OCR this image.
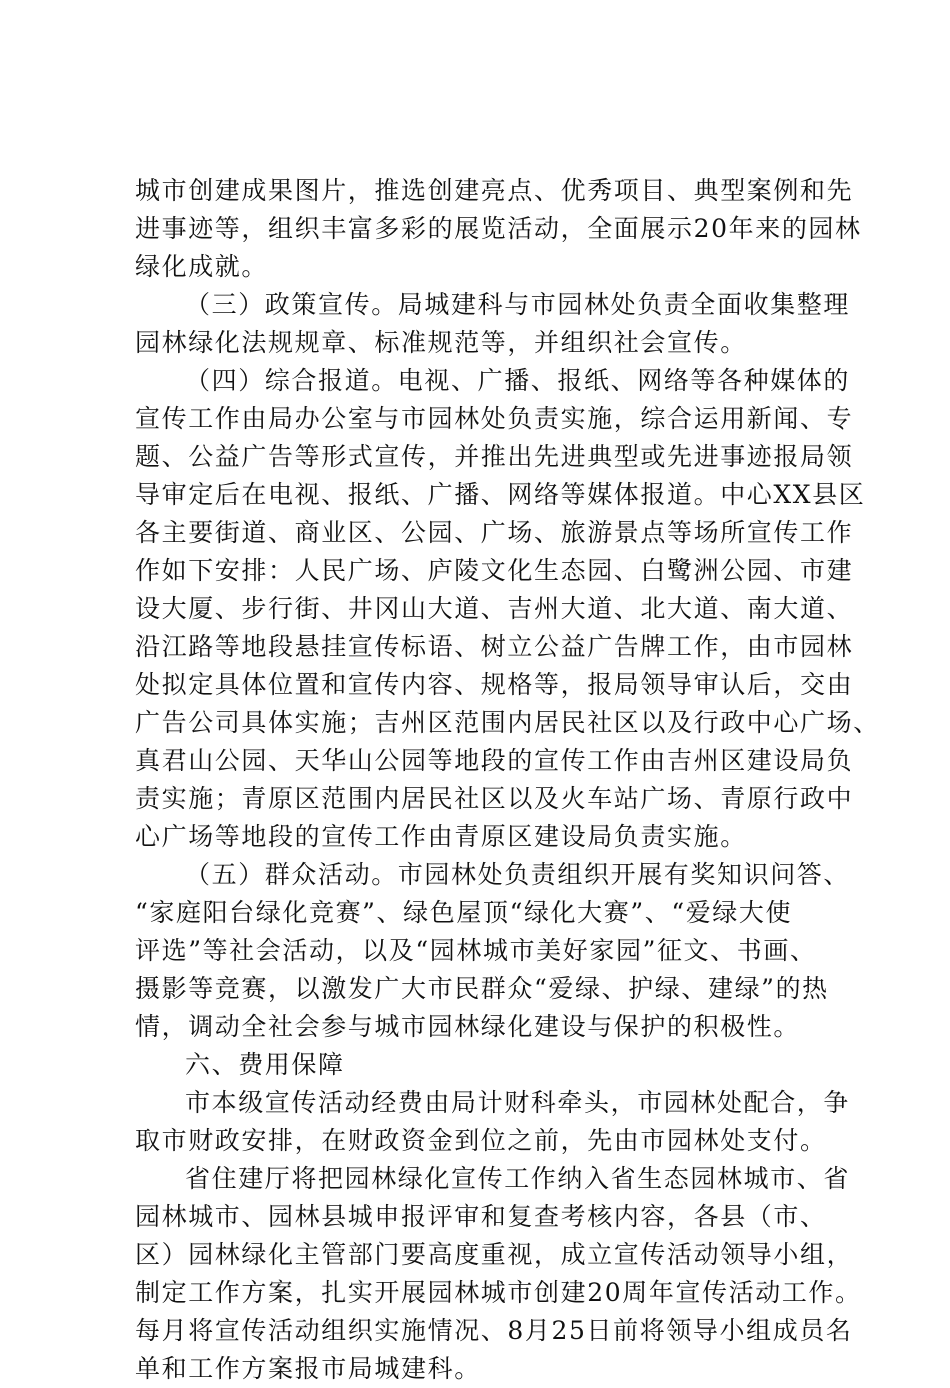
城市创建成果图片，推选创建亮点、优秀项目、典型案例和先
进事迹等，组织丰富多彩的展览活动，全面展示20年来的园林
绿化成就。
（三）政策宣传。局城建科与市园林处负责全面收集整理
园林绿化法规规章、标准规范等，并组织社会宣传。
（四）综合报道。电视、广播、报纸、网络等各种媒体的
宣传工作由局办公室与市园林处负责实施，综合运用新闻、专
题、公益广告等形式宣传，并推出先进典型或先进事迹报局领
导审定后在电视、报纸、广播、网络等媒体报道。中心XX县区
各主要街道、商业区、公园、广场、旅游景点等场所宣传工作
作如下安排：人民广场、庐陵文化生态园、白鹭洲公园、市建
设大厦、步行街、井冈山大道、吉州大道、北大道、南大道、
沿江路等地段悬挂宣传标语、树立公益广告牌工作，由市园林
处拟定具体位置和宣传内容、规格等，报局领导审认后，交由
广告公司具体实施；吉州区范围内居民社区以及行政中心广场、
真君山公园、天华山公园等地段的宣传工作由吉州区建设局负
责实施；青原区范围内居民社区以及火车站广场、青原行政中
心广场等地段的宣传工作由青原区建设局负责实施。
（五）群众活动。市园林处负责组织开展有奖知识问答、
“家庭阳台绿化竞赛”、绿色屋顶“绿化大赛”、“爱绿大使
评选”等社会活动，以及“园林城市美好家园”征文、书画、
摄影等竞赛，以激发广大市民群众“爱绿、护绿、建绿”的热
情，调动全社会参与城市园林绿化建设与保护的积极性。
六、费用保障
市本级宣传活动经费由局计财科牵头，市园林处配合，争
取市财政安排，在财政资金到位之前，先由市园林处支付。
省住建厅将把园林绿化宣传工作纳入省生态园林城市、省
园林城市、园林县城申报评审和复查考核内容，各县（市、
区）园林绿化主管部门要高度重视，成立宣传活动领导小组，
制定工作方案，扎实开展园林城市创建20周年宣传活动工作。
每月将宣传活动组织实施情况、8月25日前将领导小组成员名
单和工作方案报市局城建科。
